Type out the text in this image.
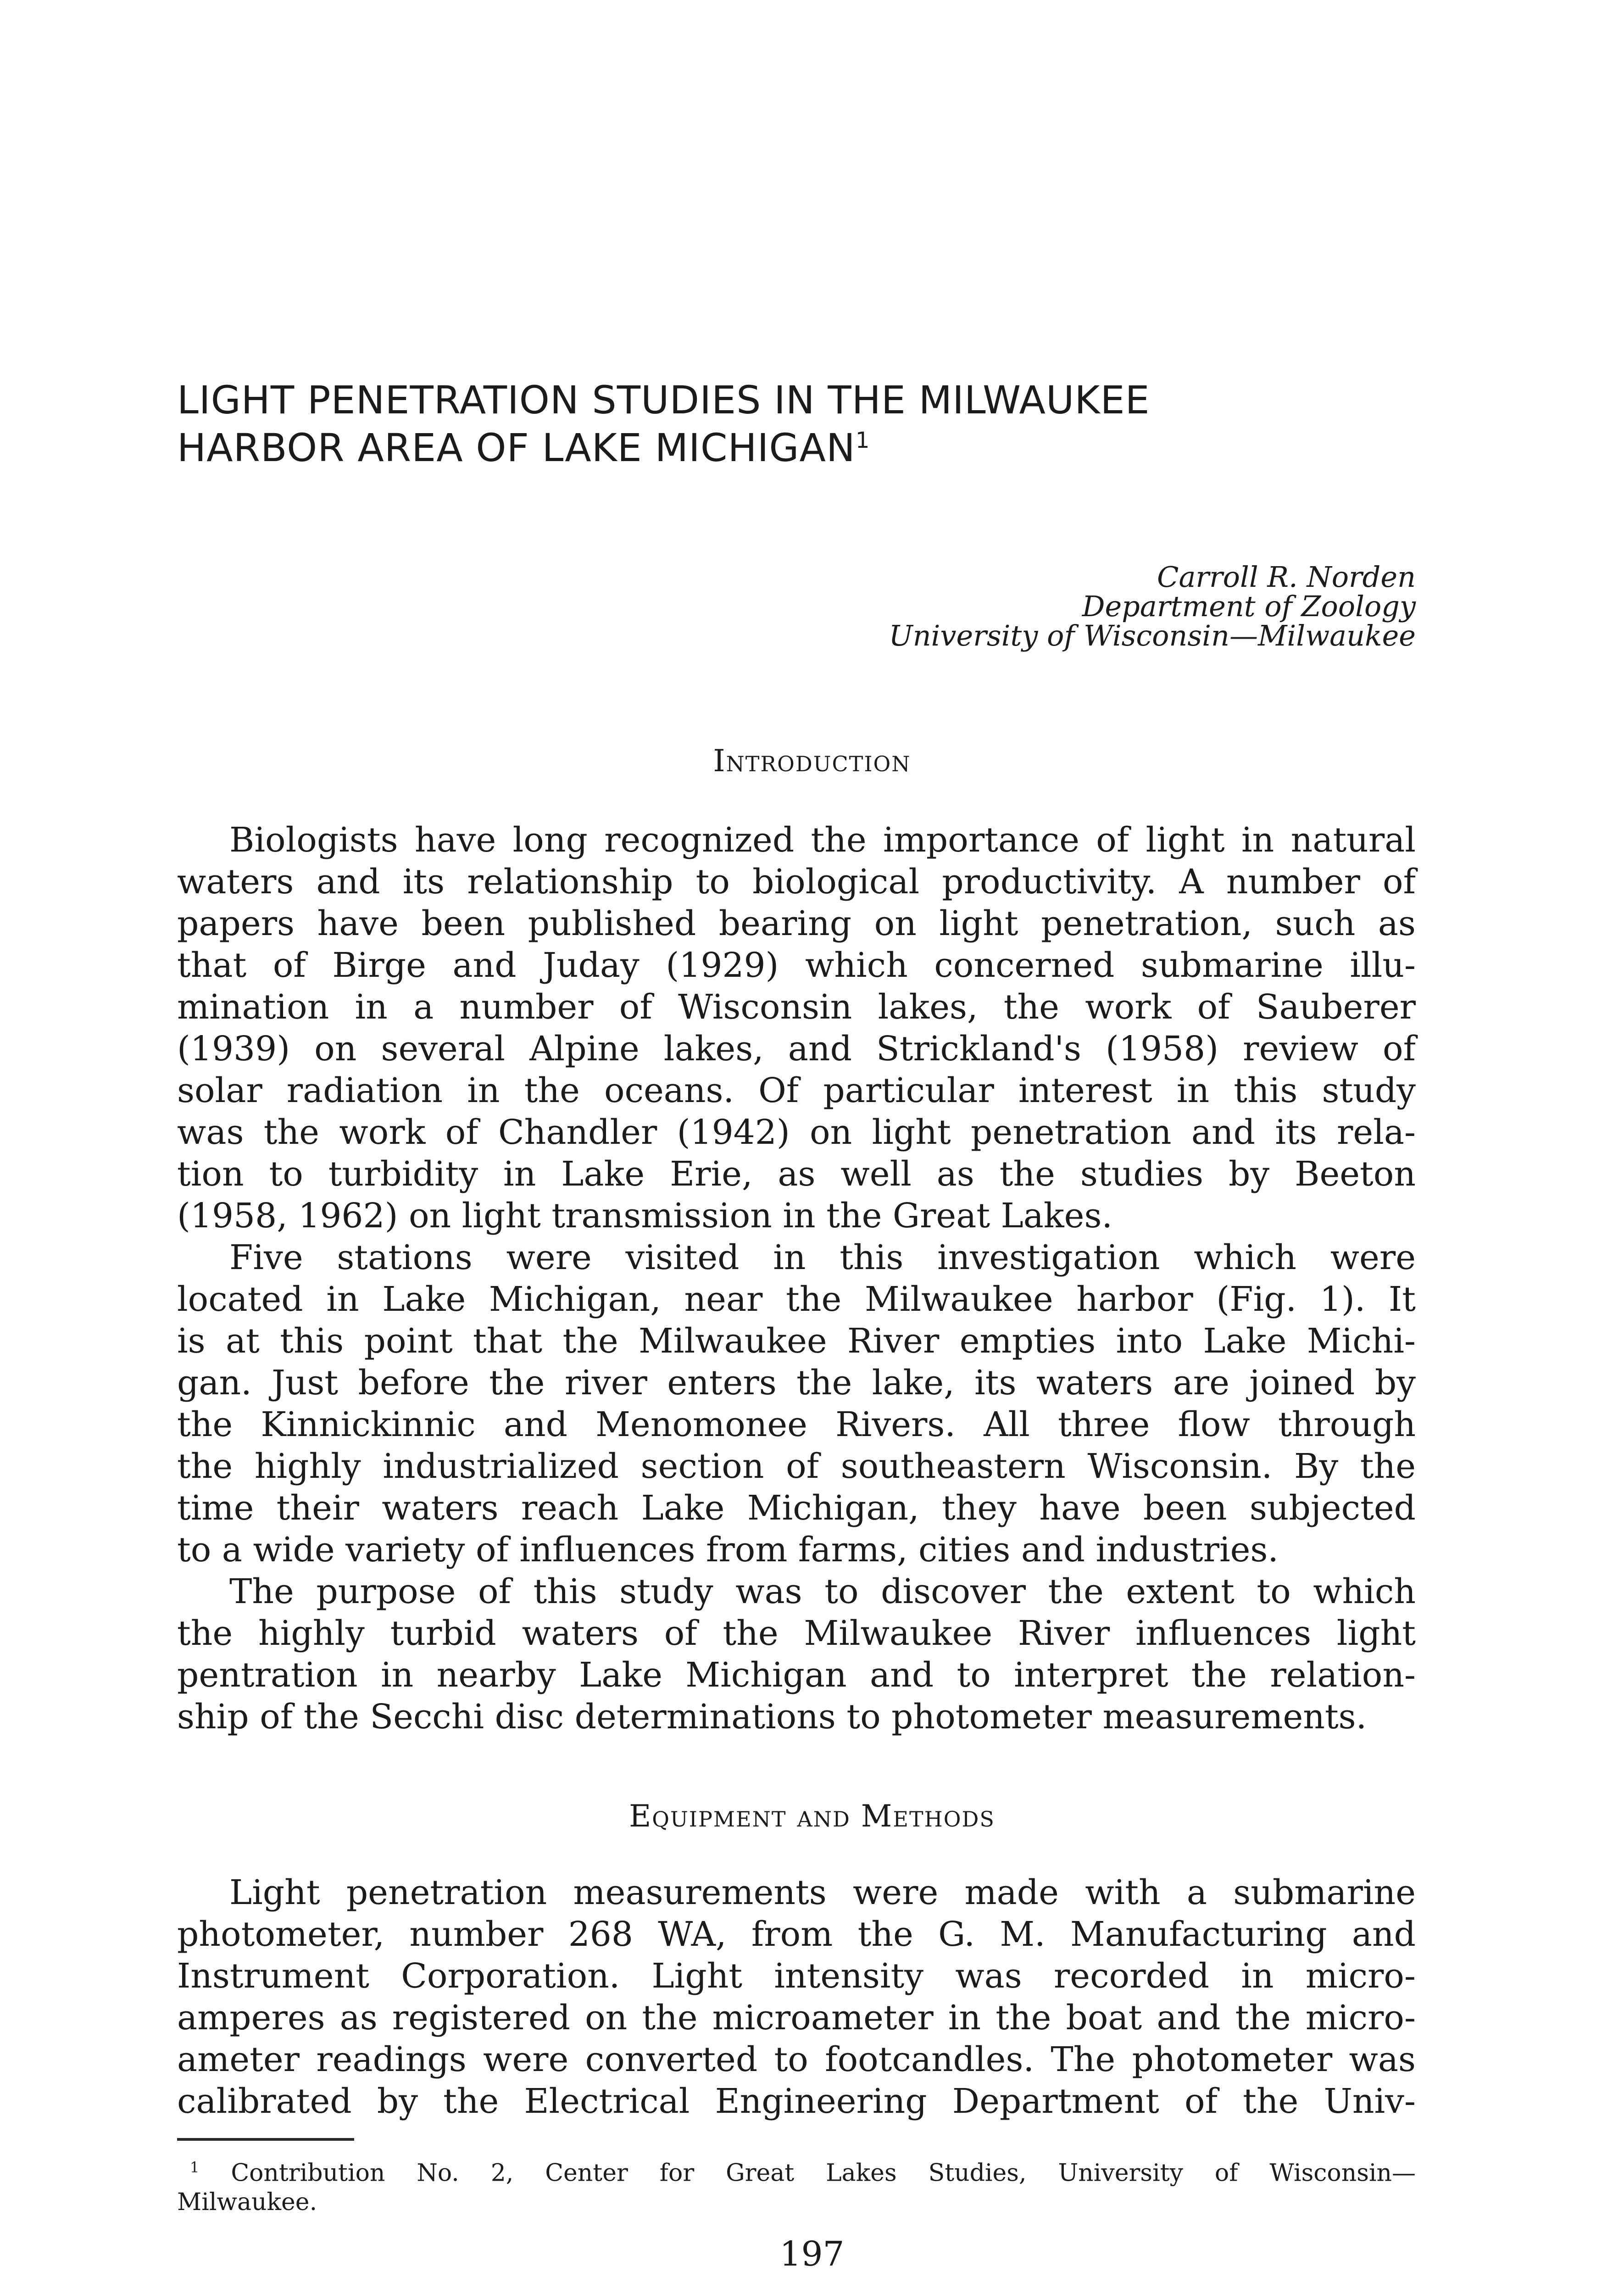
LIGHT PENETRATION STUDIES IN THE MILWAUKEE
HARBOR AREA OF LAKE MICHIGAN$^1$
Carroll R. Norden
Department of Zoology
University of Wisconsin—Milwaukee
Introduction
Biologists have long recognized the importance of light in natural
waters and its relationship to biological productivity. A number of
papers have been published bearing on light penetration, such as
that of Birge and Juday (1929) which concerned submarine illu-
mination in a number of Wisconsin lakes, the work of Sauberer
(1939) on several Alpine lakes, and Strickland's (1958) review of
solar radiation in the oceans. Of particular interest in this study
was the work of Chandler (1942) on light penetration and its rela-
tion to turbidity in Lake Erie, as well as the studies by Beeton
(1958, 1962) on light transmission in the Great Lakes.
Five stations were visited in this investigation which were
located in Lake Michigan, near the Milwaukee harbor (Fig. 1). It
is at this point that the Milwaukee River empties into Lake Michi-
gan. Just before the river enters the lake, its waters are joined by
the Kinnickinnic and Menomonee Rivers. All three flow through
the highly industrialized section of southeastern Wisconsin. By the
time their waters reach Lake Michigan, they have been subjected
to a wide variety of influences from farms, cities and industries.
The purpose of this study was to discover the extent to which
the highly turbid waters of the Milwaukee River influences light
pentration in nearby Lake Michigan and to interpret the relation-
ship of the Secchi disc determinations to photometer measurements.
Equipment and Methods
Light penetration measurements were made with a submarine
photometer, number 268 WA, from the G. M. Manufacturing and
Instrument Corporation. Light intensity was recorded in micro-
amperes as registered on the microameter in the boat and the micro-
ameter readings were converted to footcandles. The photometer was
calibrated by the Electrical Engineering Department of the Univ-
$^1$ Contribution No. 2, Center for Great Lakes Studies, University of Wisconsin—
Milwaukee.
197
